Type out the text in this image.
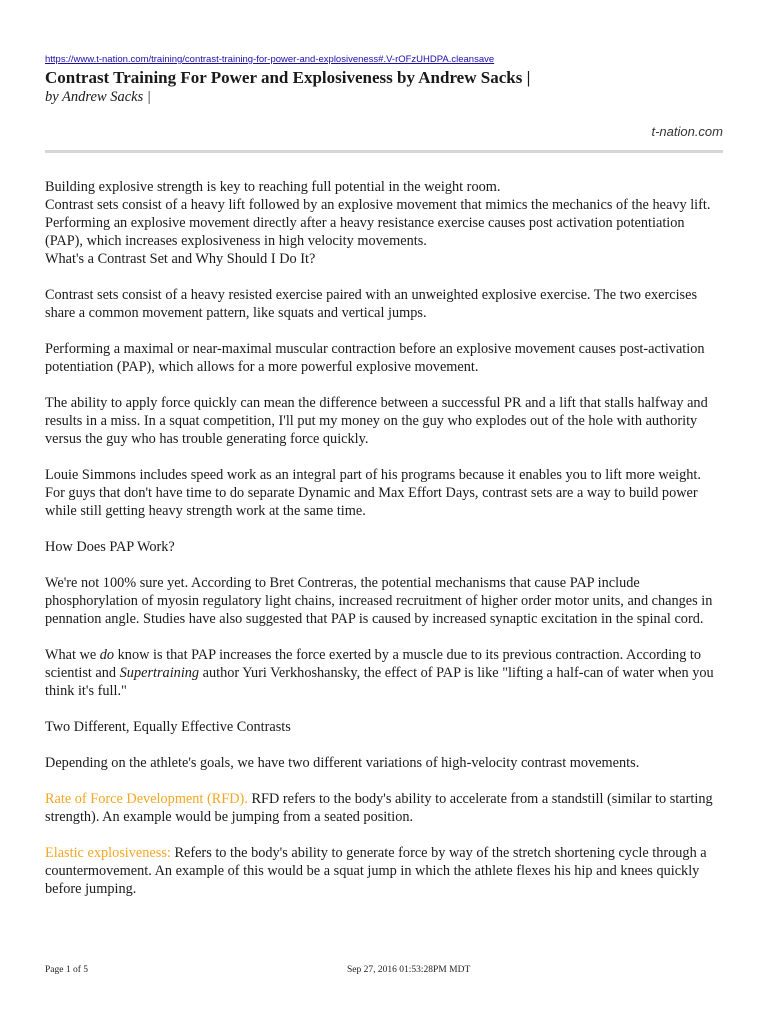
https://www.t-nation.com/training/contrast-training-for-power-and-explosiveness#.V-rOFzUHDPA.cleansave
Contrast Training For Power and Explosiveness by Andrew Sacks |
by Andrew Sacks |
t-nation.com
Building explosive strength is key to reaching full potential in the weight room.
Contrast sets consist of a heavy lift followed by an explosive movement that mimics the mechanics of the heavy lift.
Performing an explosive movement directly after a heavy resistance exercise causes post activation potentiation (PAP), which increases explosiveness in high velocity movements.
What's a Contrast Set and Why Should I Do It?

Contrast sets consist of a heavy resisted exercise paired with an unweighted explosive exercise. The two exercises share a common movement pattern, like squats and vertical jumps.

Performing a maximal or near-maximal muscular contraction before an explosive movement causes post-activation potentiation (PAP), which allows for a more powerful explosive movement.

The ability to apply force quickly can mean the difference between a successful PR and a lift that stalls halfway and results in a miss. In a squat competition, I'll put my money on the guy who explodes out of the hole with authority versus the guy who has trouble generating force quickly.

Louie Simmons includes speed work as an integral part of his programs because it enables you to lift more weight. For guys that don't have time to do separate Dynamic and Max Effort Days, contrast sets are a way to build power while still getting heavy strength work at the same time.

How Does PAP Work?

We're not 100% sure yet. According to Bret Contreras, the potential mechanisms that cause PAP include phosphorylation of myosin regulatory light chains, increased recruitment of higher order motor units, and changes in pennation angle. Studies have also suggested that PAP is caused by increased synaptic excitation in the spinal cord.

What we do know is that PAP increases the force exerted by a muscle due to its previous contraction. According to scientist and Supertraining author Yuri Verkhoshansky, the effect of PAP is like "lifting a half-can of water when you think it's full."

Two Different, Equally Effective Contrasts

Depending on the athlete's goals, we have two different variations of high-velocity contrast movements.

Rate of Force Development (RFD). RFD refers to the body's ability to accelerate from a standstill (similar to starting strength). An example would be jumping from a seated position.

Elastic explosiveness: Refers to the body's ability to generate force by way of the stretch shortening cycle through a countermovement. An example of this would be a squat jump in which the athlete flexes his hip and knees quickly before jumping.

Page 1 of 5	Sep 27, 2016 01:53:28PM MDT
